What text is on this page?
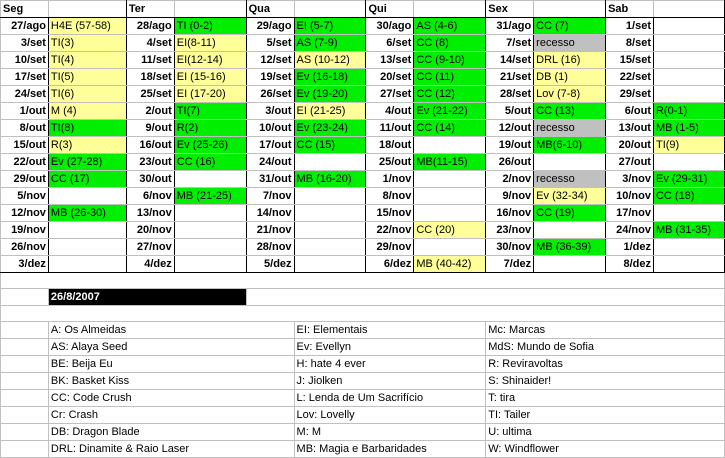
Seg		Ter		Qua		Qui		Sex		Sab	
27/ago	H4E (57-58)	28/ago	TI (0-2)	29/ago	EI (5-7)	30/ago	AS (4-6)	31/ago	CC (7)	1/set	
3/set	TI(3)	4/set	EI(8-11)	5/set	AS (7-9)	6/set	CC (8)	7/set	recesso	8/set	
10/set	TI(4)	11/set	EI(12-14)	12/set	AS (10-12)	13/set	CC (9-10)	14/set	DRL (16)	15/set	
17/set	TI(5)	18/set	EI (15-16)	19/set	Ev (16-18)	20/set	CC (11)	21/set	DB (1)	22/set	
24/set	TI(6)	25/set	EI (17-20)	26/set	Ev (19-20)	27/set	CC (12)	28/set	Lov (7-8)	29/set	
1/out	M (4)	2/out	TI(7)	3/out	EI (21-25)	4/out	Ev (21-22)	5/out	CC (13)	6/out	R(0-1)
8/out	TI(8)	9/out	R(2)	10/out	Ev (23-24)	11/out	CC (14)	12/out	recesso	13/out	MB (1-5)
15/out	R(3)	16/out	Ev (25-26)	17/out	CC (15)	18/out		19/out	MB(6-10)	20/out	TI(9)
22/out	Ev (27-28)	23/out	CC (16)	24/out		25/out	MB(11-15)	26/out		27/out	
29/out	CC (17)	30/out		31/out	MB (16-20)	1/nov		2/nov	recesso	3/nov	Ev (29-31)
5/nov		6/nov	MB (21-25)	7/nov		8/nov		9/nov	Ev (32-34)	10/nov	CC (18)
12/nov	MB (26-30)	13/nov		14/nov		15/nov		16/nov	CC (19)	17/nov	
19/nov		20/nov		21/nov		22/nov	CC (20)	23/nov		24/nov	MB (31-35)
26/nov		27/nov		28/nov		29/nov		30/nov	MB (36-39)	1/dez	
3/dez		4/dez		5/dez		6/dez	MB (40-42)	7/dez		8/dez	

	26/8/2007										

	A: Os Almeidas				EI: Elementais			Mc: Marcas			
	AS: Alaya Seed				Ev: Evellyn			MdS: Mundo de Sofia			
	BE: Beija Eu				H: hate 4 ever			R: Reviravoltas			
	BK: Basket Kiss				J: Jiolken			S: Shinaider!			
	CC: Code Crush				L: Lenda de Um Sacrifício			T: tira			
	Cr: Crash				Lov: Lovelly			TI: Tailer			
	DB: Dragon Blade				M: M			U: ultima			
	DRL: Dinamite & Raio Laser				MB: Magia e Barbaridades			W: Windflower			
